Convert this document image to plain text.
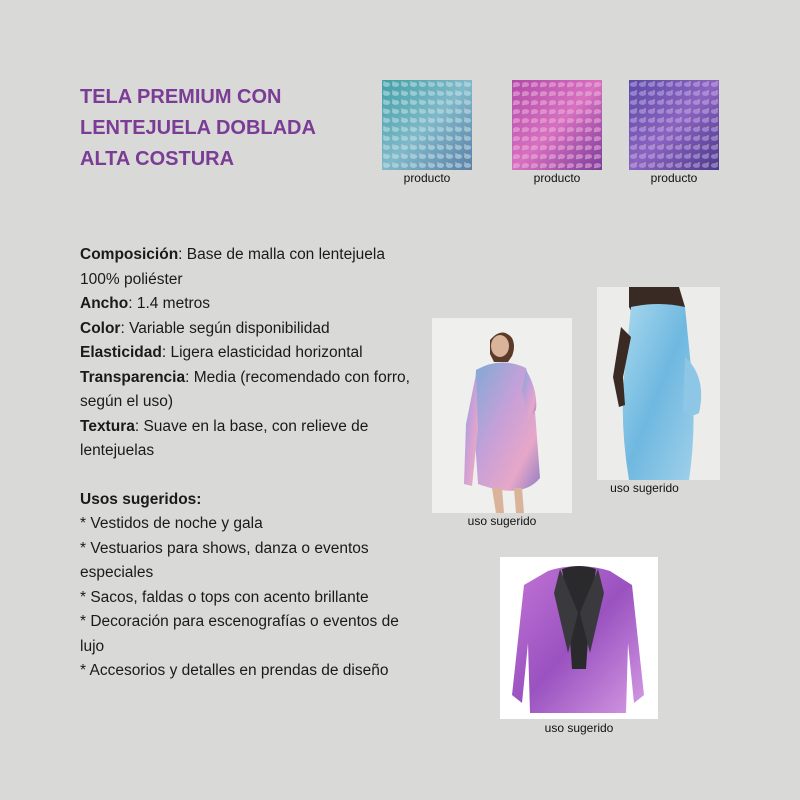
TELA PREMIUM CON
LENTEJUELA DOBLADA
ALTA COSTURA
producto	producto	producto

Composición: Base de malla con lentejuela 100% poliéster

Ancho: 1.4 metros

Color: Variable según disponibilidad

Elasticidad: Ligera elasticidad horizontal

Transparencia: Media (recomendado con forro, según el uso)

Textura: Suave en la base, con relieve de lentejuelas

Usos sugeridos:

* Vestidos de noche y gala

* Vestuarios para shows, danza o eventos especiales

* Sacos, faldas o tops con acento brillante

* Decoración para escenografías o eventos de lujo

* Accesorios y detalles en prendas de diseño

uso sugerido
uso sugerido
uso sugerido
